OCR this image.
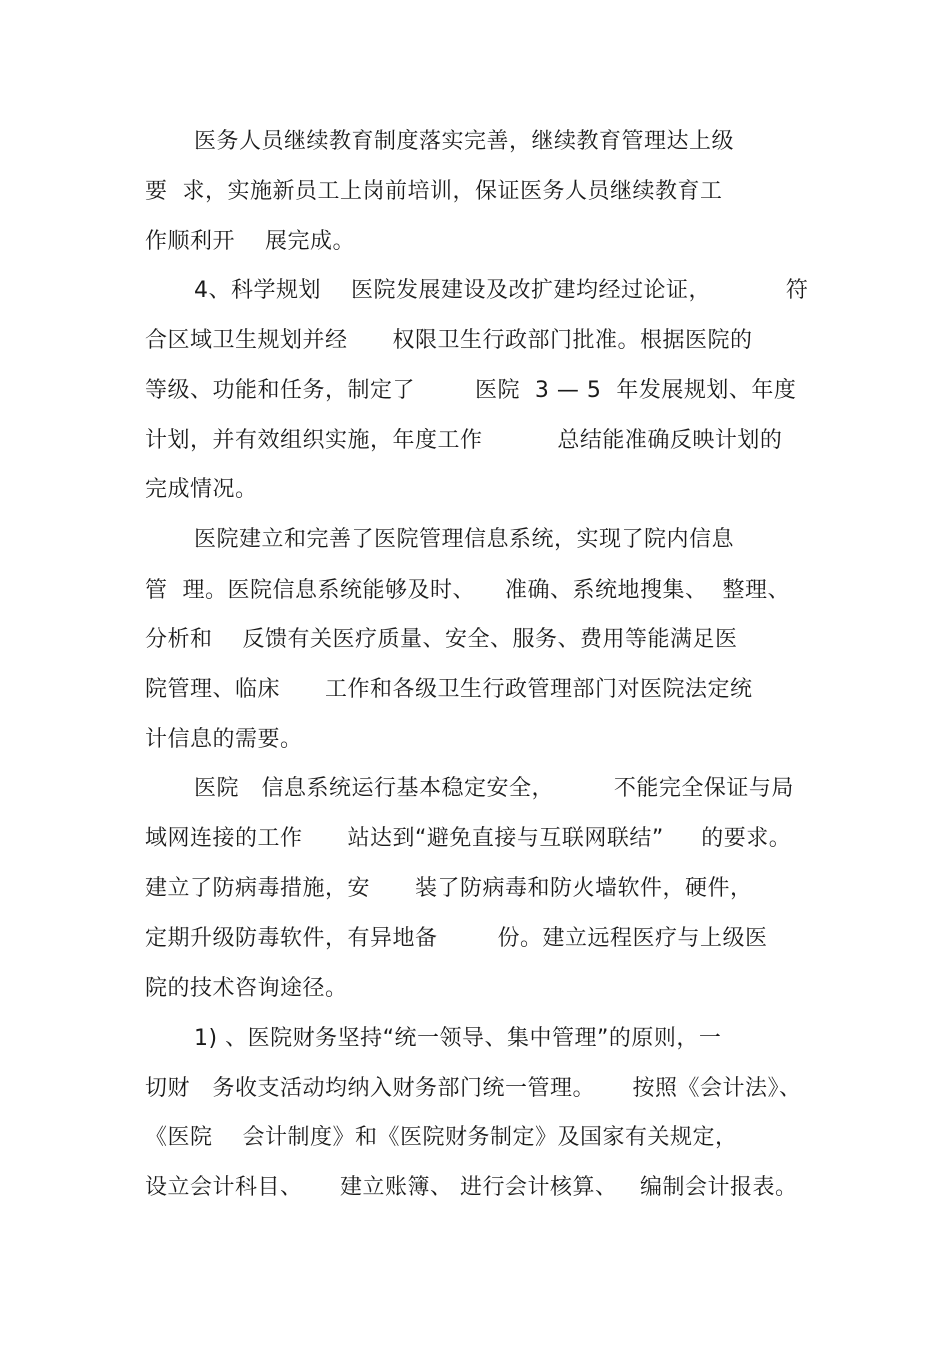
医务人员继续教育制度落实完善，继续教育管理达上级
要  求，实施新员工上岗前培训，保证医务人员继续教育工
作顺利开    展完成。
4、科学规划    医院发展建设及改扩建均经过论证，          符
合区域卫生规划并经      权限卫生行政部门批准。根据医院的
等级、功能和任务，制定了        医院  3 — 5  年发展规划、年度
计划，并有效组织实施，年度工作          总结能准确反映计划的
完成情况。
医院建立和完善了医院管理信息系统，实现了院内信息
管  理。医院信息系统能够及时、    准确、系统地搜集、  整理、
分析和    反馈有关医疗质量、安全、服务、费用等能满足医
院管理、临床      工作和各级卫生行政管理部门对医院法定统
计信息的需要。
医院   信息系统运行基本稳定安全，        不能完全保证与局
域网连接的工作      站达到“避免直接与互联网联结”     的要求。
建立了防病毒措施，安      装了防病毒和防火墙软件，硬件，
定期升级防毒软件，有异地备        份。建立远程医疗与上级医
院的技术咨询途径。
1) 、医院财务坚持“统一领导、集中管理”的原则，一
切财   务收支活动均纳入财务部门统一管理。     按照《会计法》、
《医院    会计制度》和《医院财务制定》及国家有关规定，
设立会计科目、     建立账簿、 进行会计核算、   编制会计报表。
